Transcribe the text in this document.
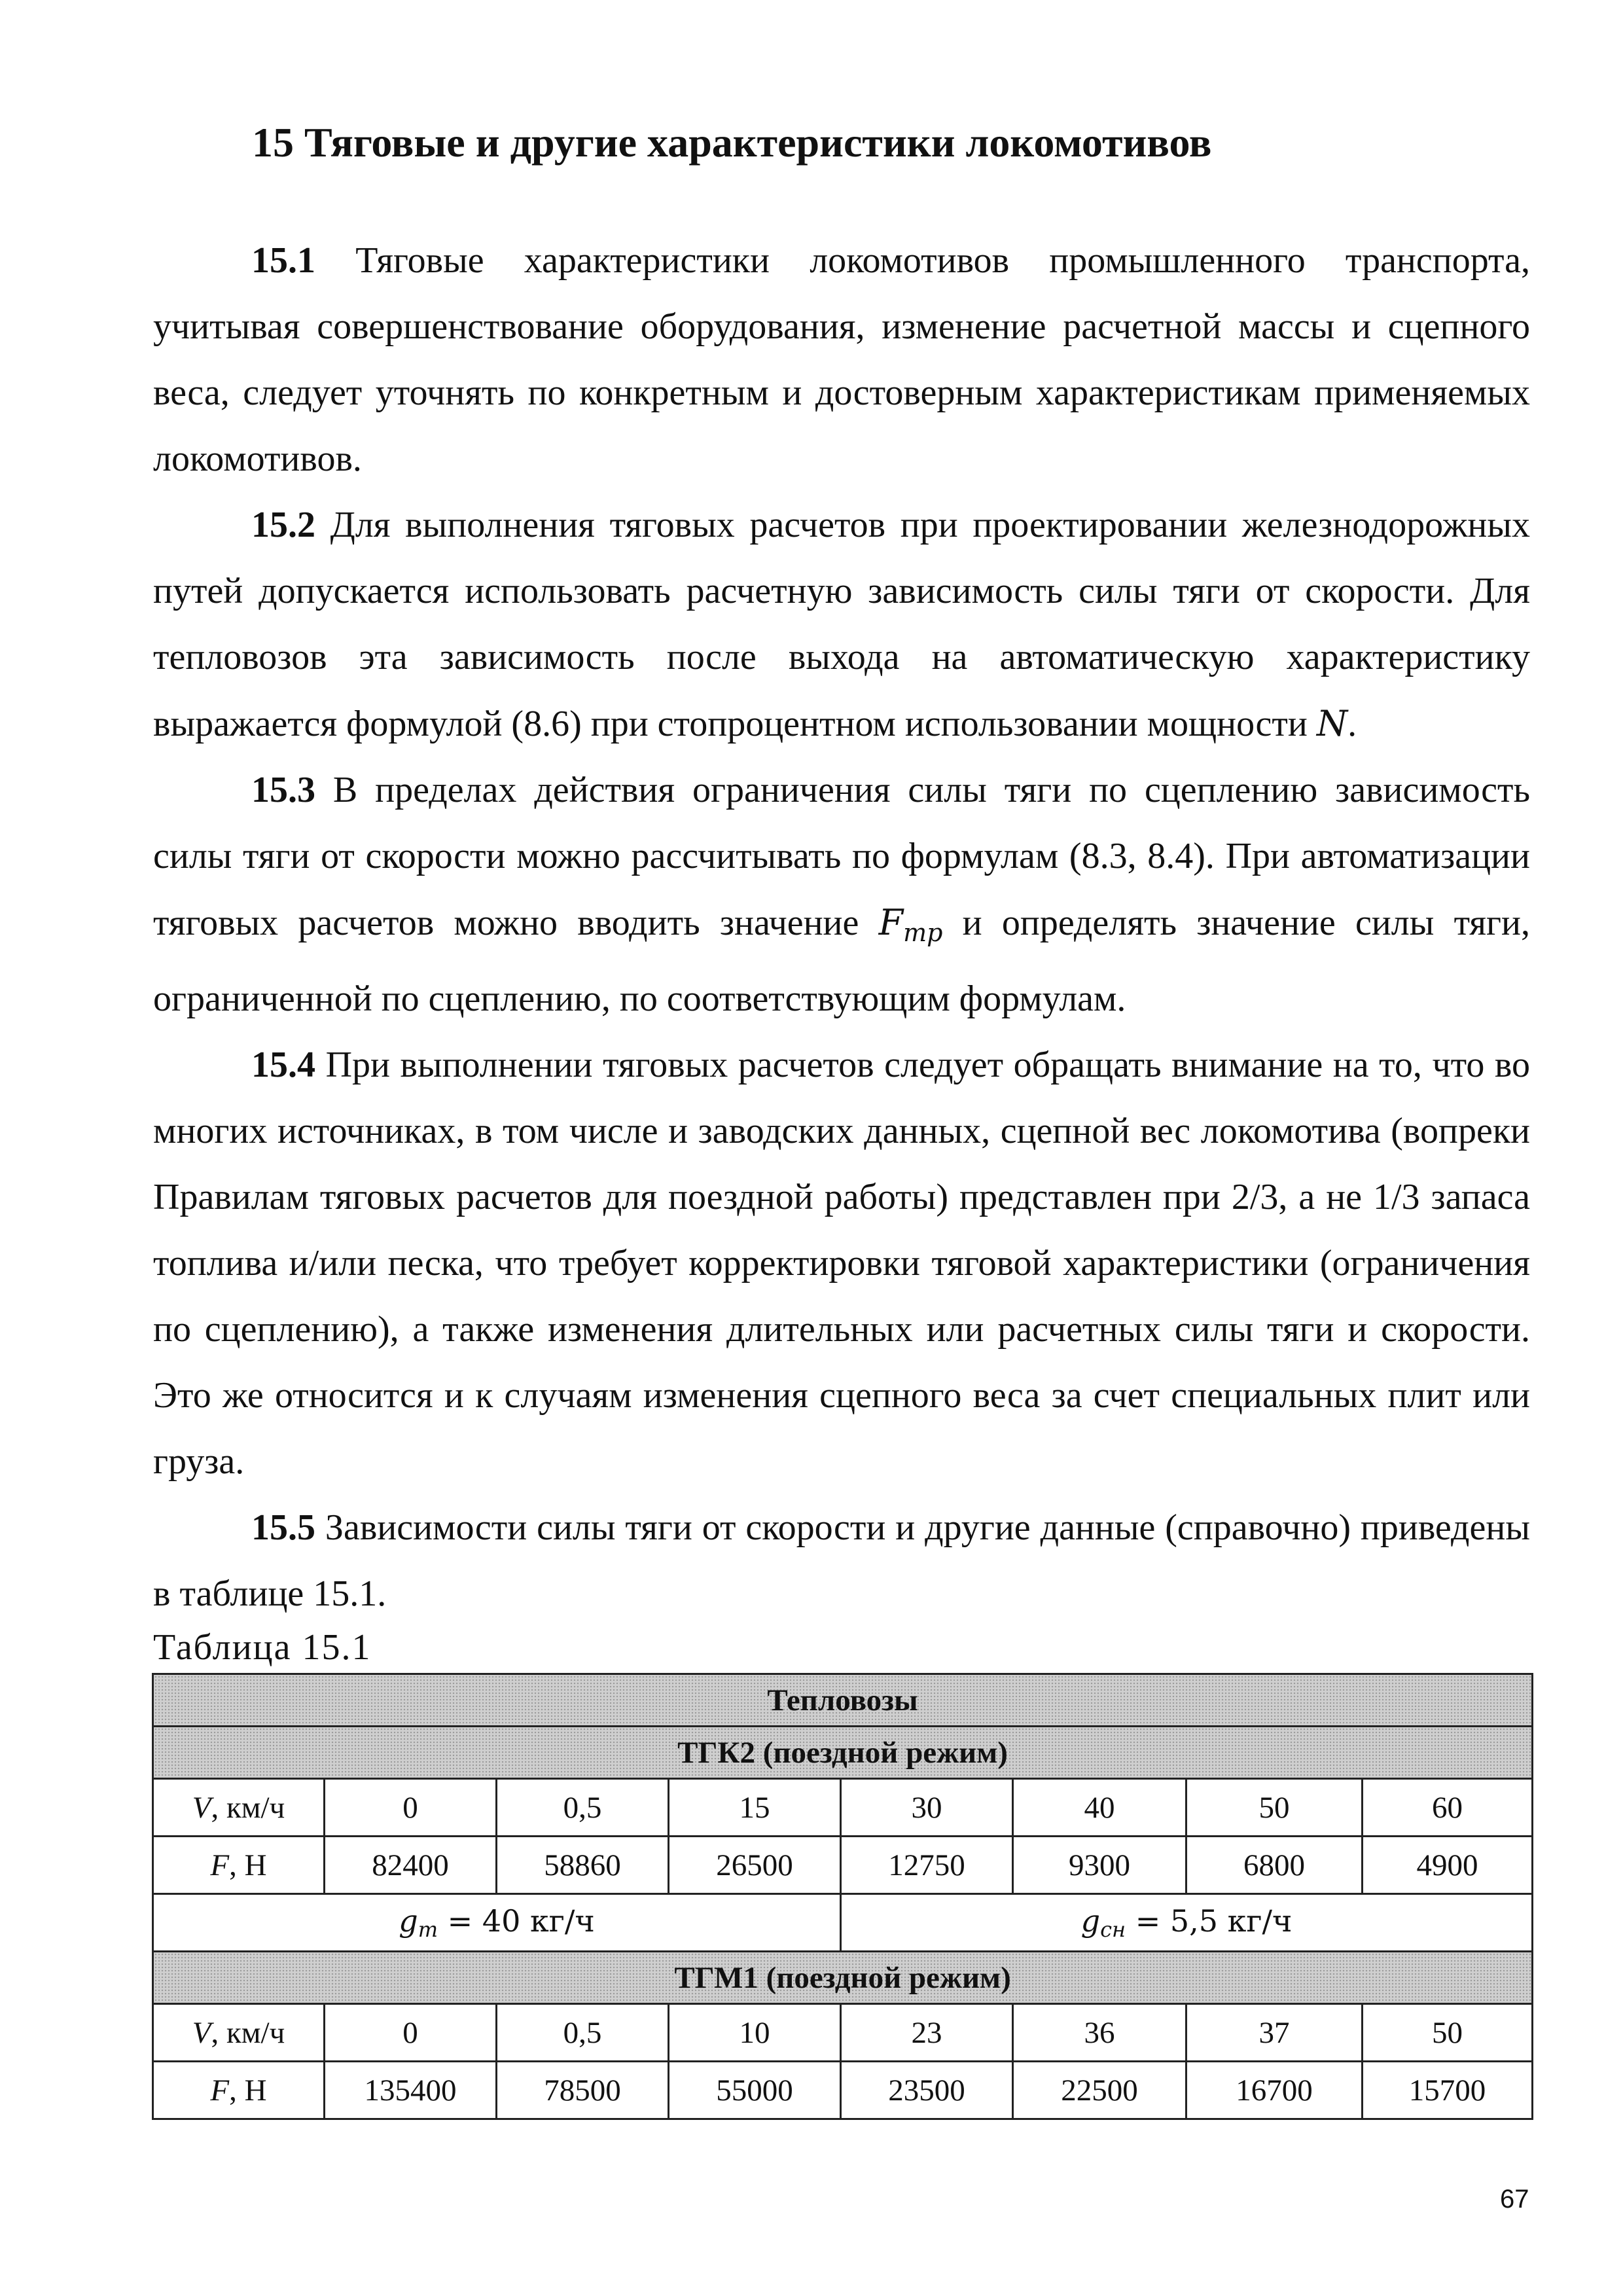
15 Тяговые и другие характеристики локомотивов

15.1 Тяговые характеристики локомотивов промышленного транспорта, учитывая совершенствование оборудования, изменение расчетной массы и сцепного веса, следует уточнять по конкретным и достоверным характеристикам применяемых локомотивов.

15.2 Для выполнения тяговых расчетов при проектировании железнодорожных путей допускается использовать расчетную зависимость силы тяги от скорости. Для тепловозов эта зависимость после выхода на автоматическую характеристику выражается формулой (8.6) при стопроцентном использовании мощности N.

15.3 В пределах действия ограничения силы тяги по сцеплению зависимость силы тяги от скорости можно рассчитывать по формулам (8.3, 8.4). При автоматизации тяговых расчетов можно вводить значение $F_{тр}$ и определять значение силы тяги, ограниченной по сцеплению, по соответствующим формулам.

15.4 При выполнении тяговых расчетов следует обращать внимание на то, что во многих источниках, в том числе и заводских данных, сцепной вес локомотива (вопреки Правилам тяговых расчетов для поездной работы) представлен при 2/3, а не 1/3 запаса топлива и/или песка, что требует корректировки тяговой характеристики (ограничения по сцеплению), а также изменения длительных или расчетных силы тяги и скорости. Это же относится и к случаям изменения сцепного веса за счет специальных плит или груза.

15.5 Зависимости силы тяги от скорости и другие данные (справочно) приведены в таблице 15.1.

Таблица 15.1
Тепловозы							
ТГК2 (поездной режим)							
V, км/ч	0	0,5	15	30	40	50	60
F, Н	82400	58860	26500	12750	9300	6800	4900
$g_m = 40$ кг/ч				$g_{сн} = 5,5$ кг/ч			
ТГМ1 (поездной режим)							
V, км/ч	0	0,5	10	23	36	37	50
F, Н	135400	78500	55000	23500	22500	16700	15700
67
